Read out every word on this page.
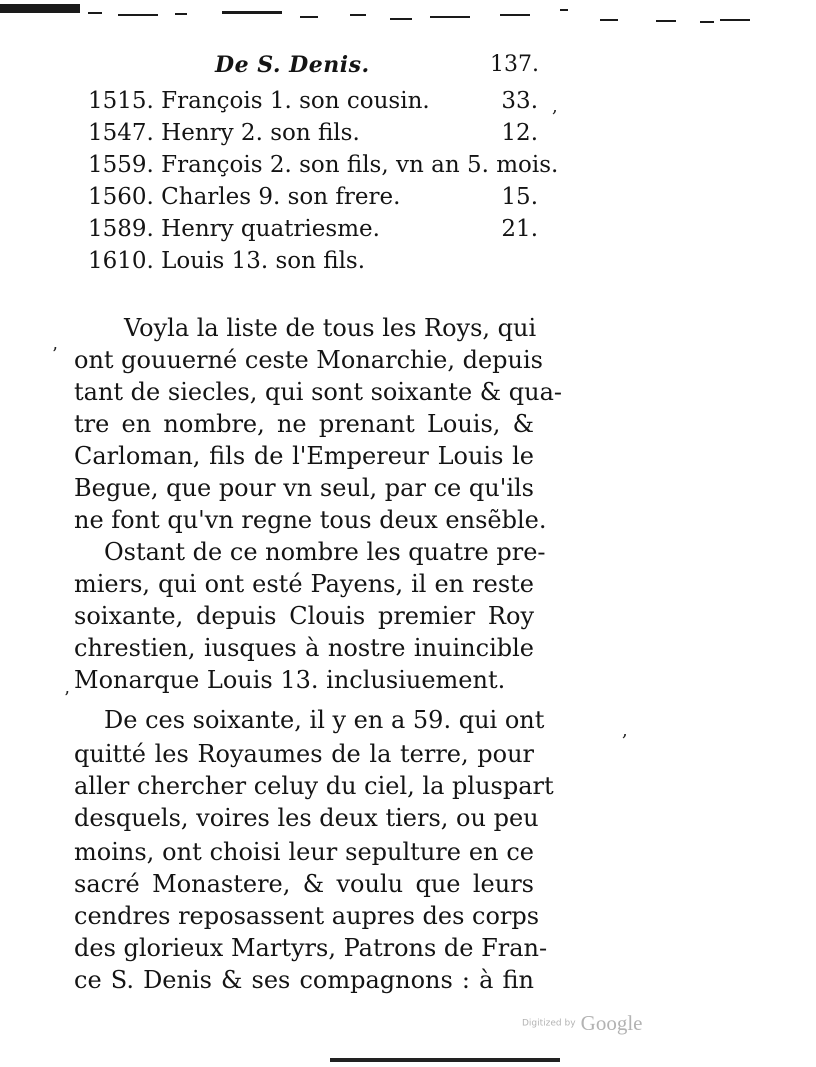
De S. Denis.	137.
1515. François 1. son cousin.	33.
1547. Henry 2. son fils.	12.
1559. François 2. son fils, vn an 5. mois.
1560. Charles 9. son frere.	15.
1589. Henry quatriesme.	21.
1610. Louis 13. son fils.
Voyla la liste de tous les Roys, qui
ont gouuerné ceste Monarchie, depuis
tant de siecles, qui sont soixante & qua-
tre en nombre, ne prenant Louis, &
Carloman, fils de l'Empereur Louis le
Begue, que pour vn seul, par ce qu'ils
ne font qu'vn regne tous deux ensẽble.
Ostant de ce nombre les quatre pre-
miers, qui ont esté Payens, il en reste
soixante, depuis Clouis premier Roy
chrestien, iusques à nostre inuincible
Monarque Louis 13. inclusiuement.
De ces soixante, il y en a 59. qui ont
quitté les Royaumes de la terre, pour
aller chercher celuy du ciel, la pluspart
desquels, voires les deux tiers, ou peu
moins, ont choisi leur sepulture en ce
sacré Monastere, & voulu que leurs
cendres reposassent aupres des corps
des glorieux Martyrs, Patrons de Fran-
ce S. Denis & ses compagnons : à fin
’
’
,
,
Digitized by Google
